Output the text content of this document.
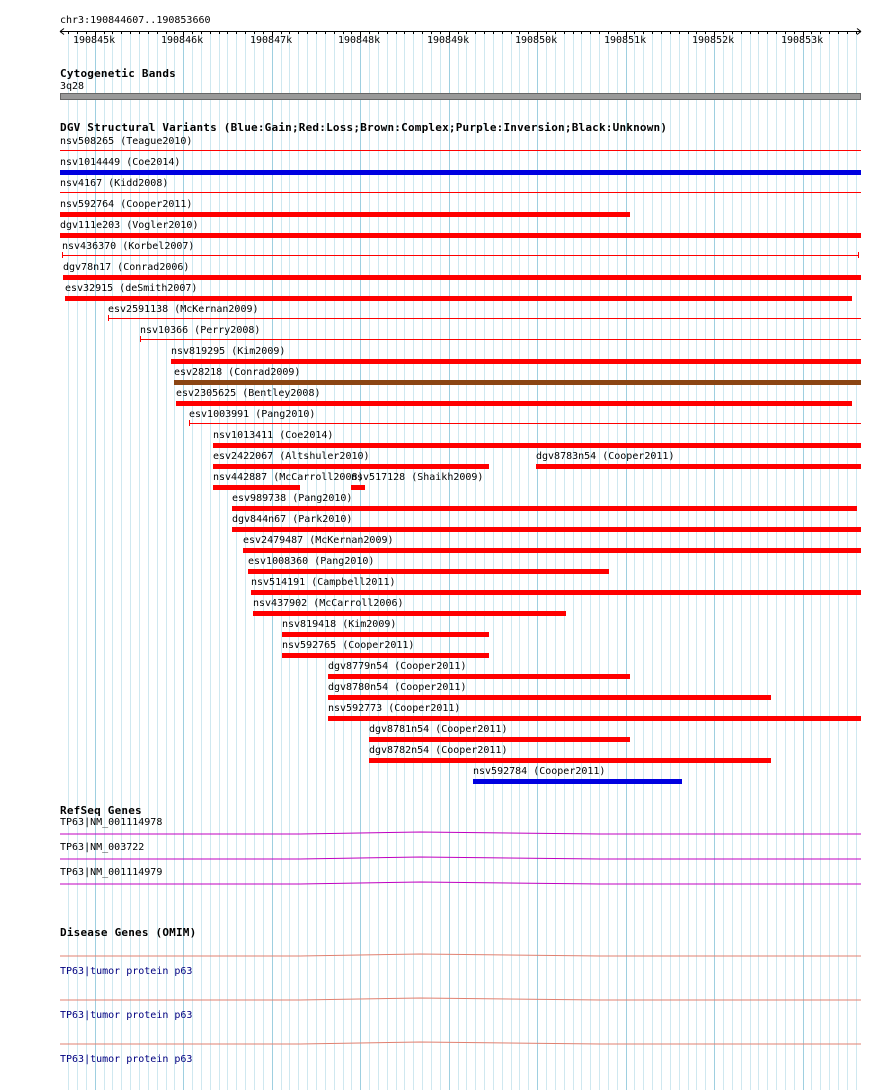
chr3:190844607..190853660
190845k	190846k	190847k	190848k	190849k	190850k	190851k	190852k	190853k
Cytogenetic Bands
3q28
DGV Structural Variants (Blue:Gain;Red:Loss;Brown:Complex;Purple:Inversion;Black:Unknown)
nsv508265 (Teague2010)
nsv1014449 (Coe2014)
nsv4167 (Kidd2008)
nsv592764 (Cooper2011)
dgv111e203 (Vogler2010)
nsv436370 (Korbel2007)
dgv78n17 (Conrad2006)
esv32915 (deSmith2007)
esv2591138 (McKernan2009)
nsv10366 (Perry2008)
nsv819295 (Kim2009)
esv28218 (Conrad2009)
esv2305625 (Bentley2008)
esv1003991 (Pang2010)
nsv1013411 (Coe2014)
esv2422067 (Altshuler2010)	dgv8783n54 (Cooper2011)
nsv442887 (McCarroll2008)
nsv517128 (Shaikh2009)
esv989738 (Pang2010)
dgv844n67 (Park2010)
esv2479487 (McKernan2009)
esv1008360 (Pang2010)
nsv514191 (Campbell2011)
nsv437902 (McCarroll2006)
nsv819418 (Kim2009)
nsv592765 (Cooper2011)
dgv8779n54 (Cooper2011)
dgv8780n54 (Cooper2011)
nsv592773 (Cooper2011)
dgv8781n54 (Cooper2011)
dgv8782n54 (Cooper2011)
nsv592784 (Cooper2011)
RefSeq Genes
TP63|NM_001114978
TP63|NM_003722
TP63|NM_001114979
Disease Genes (OMIM)
TP63|tumor protein p63
TP63|tumor protein p63
TP63|tumor protein p63
